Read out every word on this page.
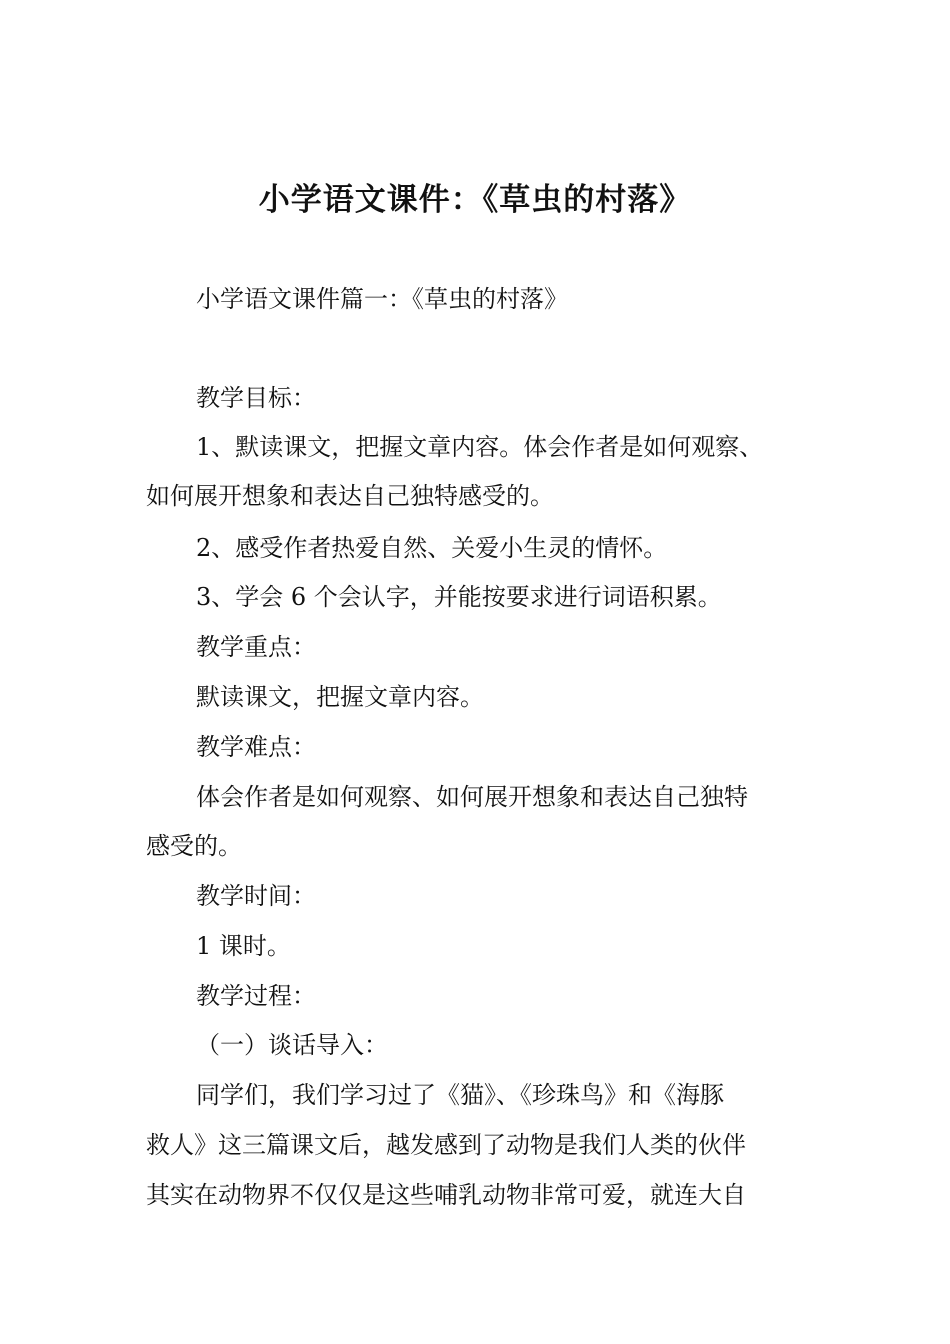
小学语文课件：《草虫的村落》
小学语文课件篇一：《草虫的村落》
教学目标：
1、默读课文，把握文章内容。体会作者是如何观察、
如何展开想象和表达自己独特感受的。
2、感受作者热爱自然、关爱小生灵的情怀。
3、学会 6 个会认字，并能按要求进行词语积累。
教学重点：
默读课文，把握文章内容。
教学难点：
体会作者是如何观察、如何展开想象和表达自己独特
感受的。
教学时间：
1 课时。
教学过程：
（一）谈话导入：
同学们，我们学习过了《猫》、《珍珠鸟》和《海豚
救人》这三篇课文后，越发感到了动物是我们人类的伙伴
其实在动物界不仅仅是这些哺乳动物非常可爱，就连大自
